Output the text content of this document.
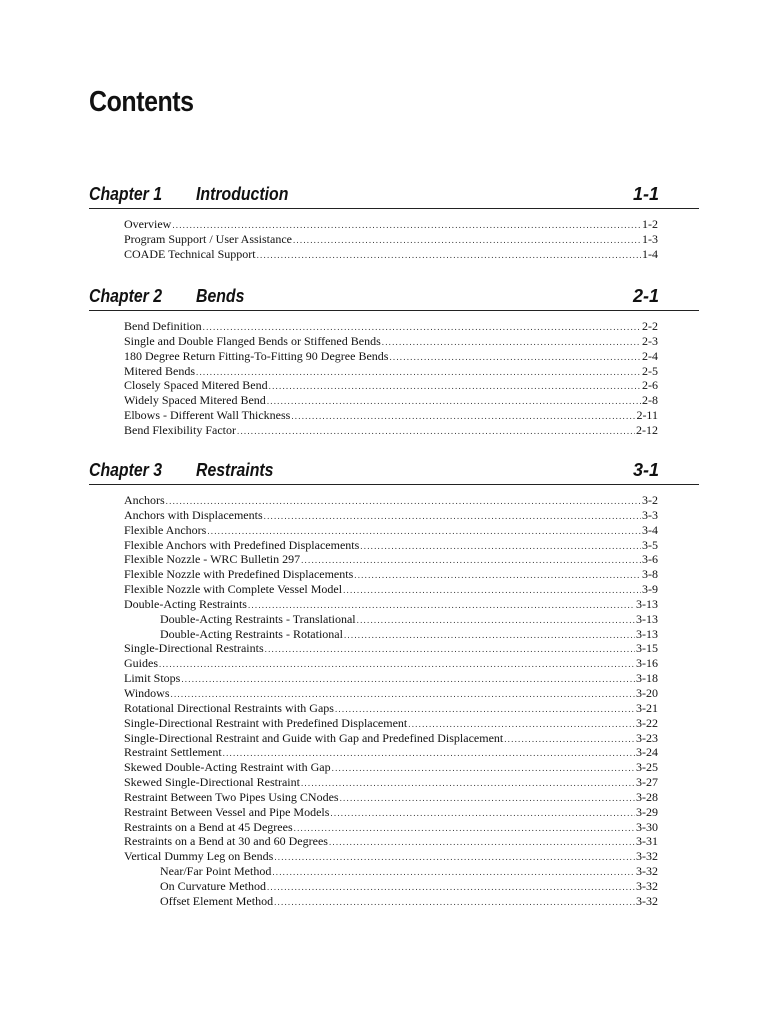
Contents
Chapter 1 Introduction	1-1
Overview .....	1-2
Program Support / User Assistance .....	1-3
COADE Technical Support .....	1-4
Chapter 2 Bends	2-1
Bend Definition .....	2-2
Single and Double Flanged Bends or Stiffened Bends .....	2-3
180 Degree Return Fitting-To-Fitting 90 Degree Bends .....	2-4
Mitered Bends .....	2-5
Closely Spaced Mitered Bend .....	2-6
Widely Spaced Mitered Bend .....	2-8
Elbows - Different Wall Thickness .....	2-11
Bend Flexibility Factor .....	2-12
Chapter 3 Restraints	3-1
Anchors .....	3-2
Anchors with Displacements .....	3-3
Flexible Anchors .....	3-4
Flexible Anchors with Predefined Displacements .....	3-5
Flexible Nozzle - WRC Bulletin 297 .....	3-6
Flexible Nozzle with Predefined Displacements .....	3-8
Flexible Nozzle with Complete Vessel Model .....	3-9
Double-Acting Restraints .....	3-13
Double-Acting Restraints - Translational .....	3-13
Double-Acting Restraints - Rotational .....	3-13
Single-Directional Restraints .....	3-15
Guides .....	3-16
Limit Stops .....	3-18
Windows .....	3-20
Rotational Directional Restraints with Gaps .....	3-21
Single-Directional Restraint with Predefined Displacement .....	3-22
Single-Directional Restraint and Guide with Gap and Predefined Displacement .....	3-23
Restraint Settlement .....	3-24
Skewed Double-Acting Restraint with Gap .....	3-25
Skewed Single-Directional Restraint .....	3-27
Restraint Between Two Pipes Using CNodes .....	3-28
Restraint Between Vessel and Pipe Models .....	3-29
Restraints on a Bend at 45 Degrees .....	3-30
Restraints on a Bend at 30 and 60 Degrees .....	3-31
Vertical Dummy Leg on Bends .....	3-32
Near/Far Point Method .....	3-32
On Curvature Method .....	3-32
Offset Element Method .....	3-32
